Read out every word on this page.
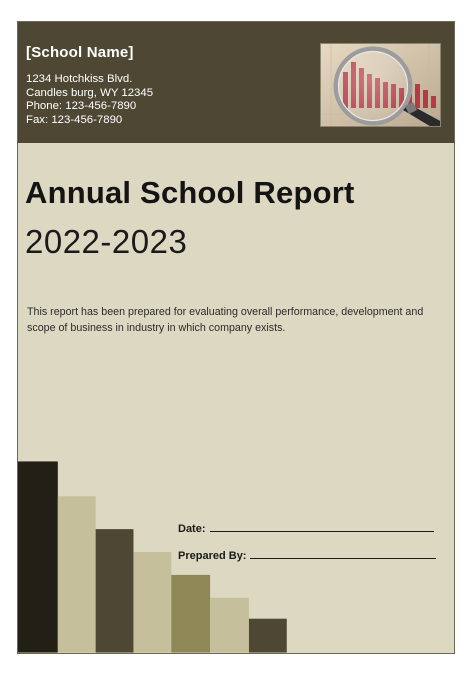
[School Name]
1234 Hotchkiss Blvd.
Candles burg, WY 12345
Phone: 123-456-7890
Fax: 123-456-7890
Annual School Report
2022-2023
This report has been prepared for evaluating overall performance, development and scope of business in industry in which company exists.
Date:
Prepared By:
